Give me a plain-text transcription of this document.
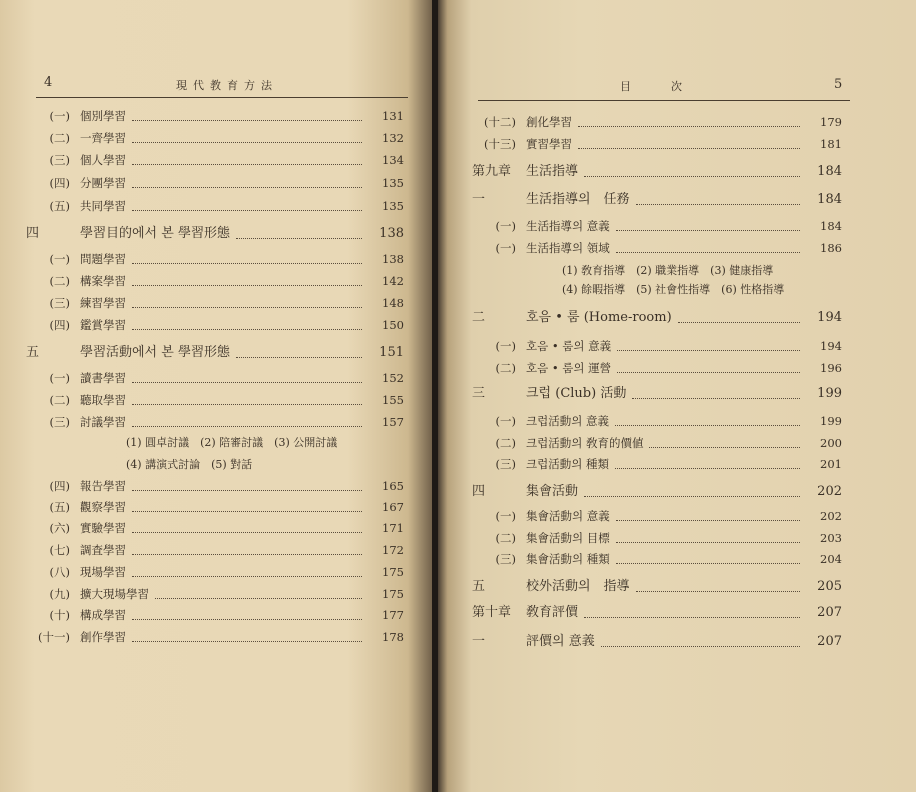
4	現代教育方法
(一) 個別學習	131
(二) 一齊學習	132
(三) 個人學習	134
(四) 分團學習	135
(五) 共同學習	135
四	學習目的에서 본 學習形態	138
(一) 問題學習	138
(二) 構案學習	142
(三) 練習學習	148
(四) 鑑賞學習	150
五	學習活動에서 본 學習形態	151
(一) 讀書學習	152
(二) 聽取學習	155
(三) 討議學習	157
(四) 報告學習	165
(五) 觀察學習	167
(六) 實驗學習	171
(七) 調査學習	172
(八) 現場學習	175
(九) 擴大現場學習	175
(十) 構成學習	177
(十一) 創作學習	178
(1) 圓卓討議　(2) 陪審討議　(3) 公開討議
(4) 講演式討論　(5) 對話
目　　次	5
(十二) 創化學習	179
(十三) 實習學習	181
第九章	生活指導	184
一	生活指導의　任務	184
(一) 生活指導의 意義	184
(一) 生活指導의 領域	186
二	호음 • 룸 (Home-room)	194
(一) 호음 • 룸의 意義	194
(二) 호음 • 룸의 運營	196
三	크럽 (Club) 活動	199
(一) 크럽活動의 意義	199
(二) 크럽活動의 敎育的價値	200
(三) 크럽活動의 種類	201
四	集會活動	202
(一) 集會活動의 意義	202
(二) 集會活動의 目標	203
(三) 集會活動의 種類	204
五	校外活動의　指導	205
第十章	敎育評價	207
一	評價의 意義	207
(1) 敎育指導　(2) 職業指導　(3) 健康指導
(4) 餘暇指導　(5) 社會性指導　(6) 性格指導
